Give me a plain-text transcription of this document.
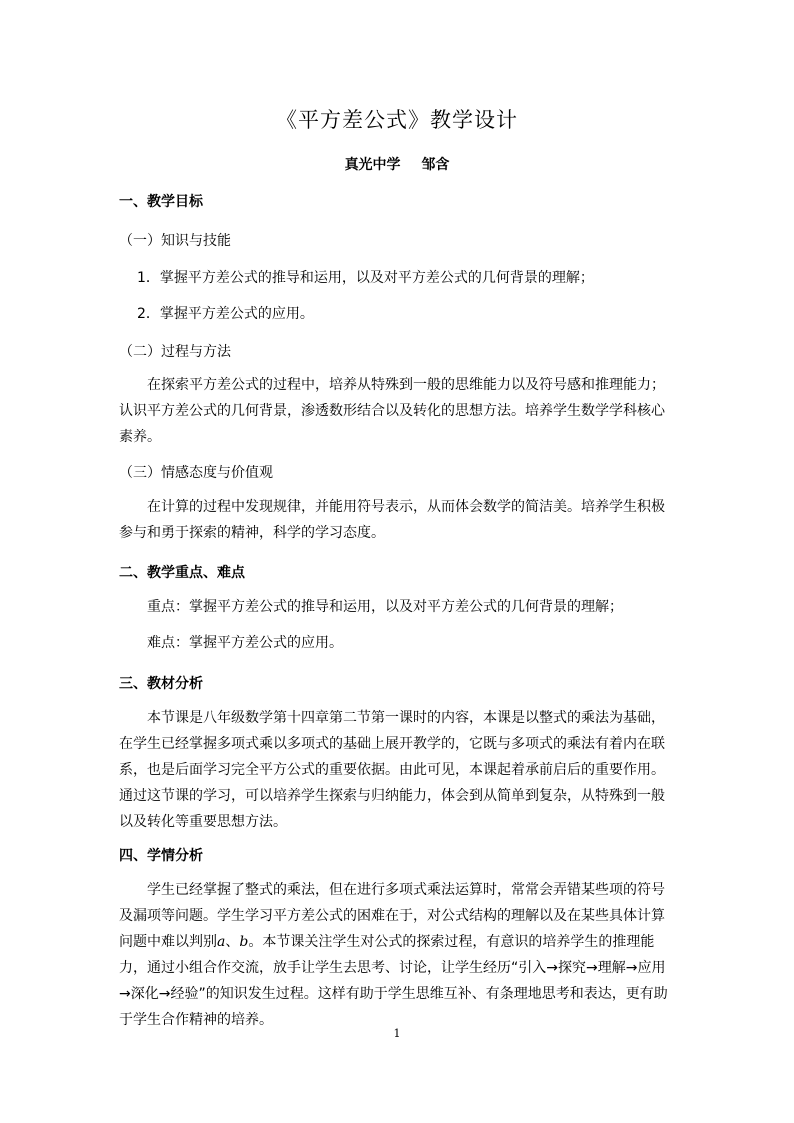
《平方差公式》教学设计
真光中学 邹含
一、教学目标
（一）知识与技能
1．掌握平方差公式的推导和运用，以及对平方差公式的几何背景的理解；
2．掌握平方差公式的应用。
（二）过程与方法
在探索平方差公式的过程中，培养从特殊到一般的思维能力以及符号感和推理能力；认识平方差公式的几何背景，渗透数形结合以及转化的思想方法。培养学生数学学科核心素养。
（三）情感态度与价值观
在计算的过程中发现规律，并能用符号表示，从而体会数学的简洁美。培养学生积极参与和勇于探索的精神，科学的学习态度。
二、教学重点、难点
重点：掌握平方差公式的推导和运用，以及对平方差公式的几何背景的理解；
难点：掌握平方差公式的应用。
三、教材分析
本节课是八年级数学第十四章第二节第一课时的内容，本课是以整式的乘法为基础，在学生已经掌握多项式乘以多项式的基础上展开教学的，它既与多项式的乘法有着内在联系，也是后面学习完全平方公式的重要依据。由此可见，本课起着承前启后的重要作用。通过这节课的学习，可以培养学生探索与归纳能力，体会到从简单到复杂，从特殊到一般以及转化等重要思想方法。
四、学情分析
学生已经掌握了整式的乘法，但在进行多项式乘法运算时，常常会弄错某些项的符号及漏项等问题。学生学习平方差公式的困难在于，对公式结构的理解以及在某些具体计算问题中难以判别a、b。本节课关注学生对公式的探索过程，有意识的培养学生的推理能力，通过小组合作交流，放手让学生去思考、讨论，让学生经历“引入→探究→理解→应用→深化→经验”的知识发生过程。这样有助于学生思维互补、有条理地思考和表达，更有助于学生合作精神的培养。
1
